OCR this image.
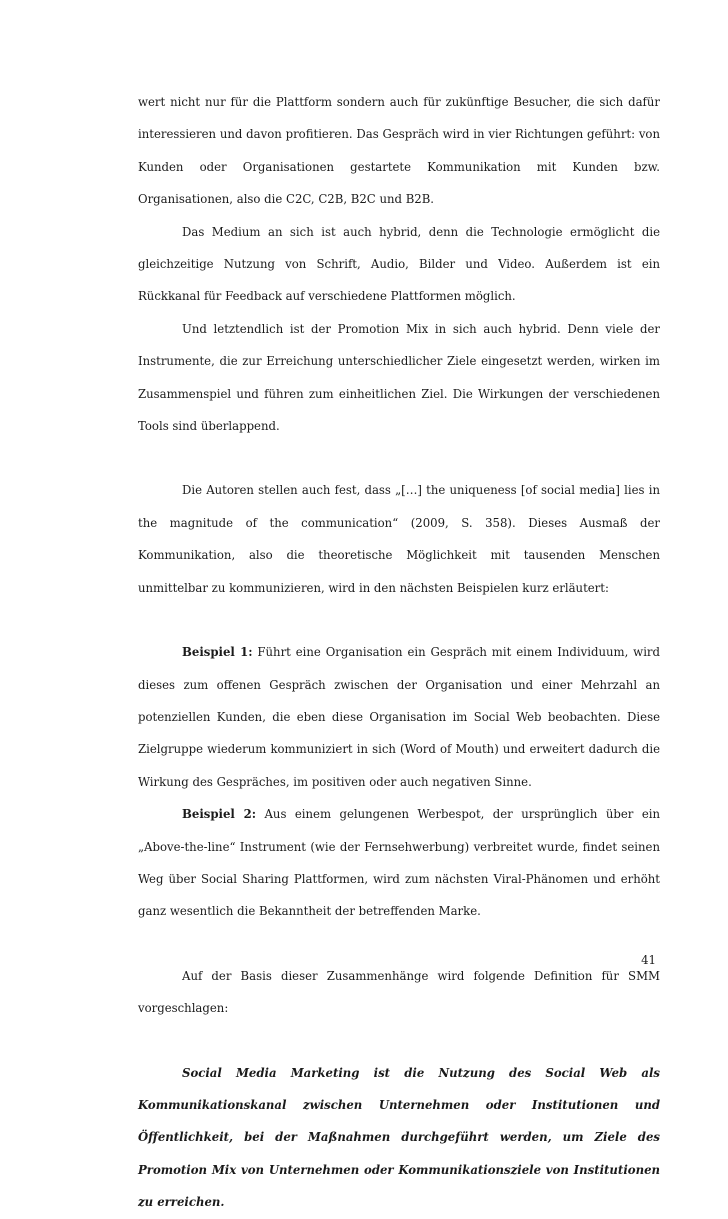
wert nicht nur für die Plattform sondern auch für zukünftige Besucher, die sich dafür interessieren und davon profitieren. Das Gespräch wird in vier Richtungen geführt: von Kunden oder Organisationen gestartete Kommunikation mit Kunden bzw. Organisationen, also die C2C, C2B, B2C und B2B.

Das Medium an sich ist auch hybrid, denn die Technologie ermöglicht die gleichzeitige Nutzung von Schrift, Audio, Bilder und Video. Außerdem ist ein Rückkanal für Feedback auf verschiedene Plattformen möglich.

Und letztendlich ist der Promotion Mix in sich auch hybrid. Denn viele der Instrumente, die zur Erreichung unterschiedlicher Ziele eingesetzt werden, wirken im Zusammenspiel und führen zum einheitlichen Ziel. Die Wirkungen der verschiedenen Tools sind überlappend.

Die Autoren stellen auch fest, dass „[…] the uniqueness [of social media] lies in the magnitude of the communication“ (2009, S. 358). Dieses Ausmaß der Kommunikation, also die theoretische Möglichkeit mit tausenden Menschen unmittelbar zu kommunizieren, wird in den nächsten Beispielen kurz erläutert:

Beispiel 1: Führt eine Organisation ein Gespräch mit einem Individuum, wird dieses zum offenen Gespräch zwischen der Organisation und einer Mehrzahl an potenziellen Kunden, die eben diese Organisation im Social Web beobachten. Diese Zielgruppe wiederum kommuniziert in sich (Word of Mouth) und erweitert dadurch die Wirkung des Gespräches, im positiven oder auch negativen Sinne.

Beispiel 2: Aus einem gelungenen Werbespot, der ursprünglich über ein „Above-the-line“ Instrument (wie der Fernsehwerbung) verbreitet wurde, findet seinen Weg über Social Sharing Plattformen, wird zum nächsten Viral-Phänomen und erhöht ganz wesentlich die Bekanntheit der betreffenden Marke.

Auf der Basis dieser Zusammenhänge wird folgende Definition für SMM vorgeschlagen:

Social Media Marketing ist die Nutzung des Social Web als Kommunikationskanal zwischen Unternehmen oder Institutionen und Öffentlichkeit, bei der Maßnahmen durchgeführt werden, um Ziele des Promotion Mix von Unternehmen oder Kommunikationsziele von Institutionen zu erreichen.

41
